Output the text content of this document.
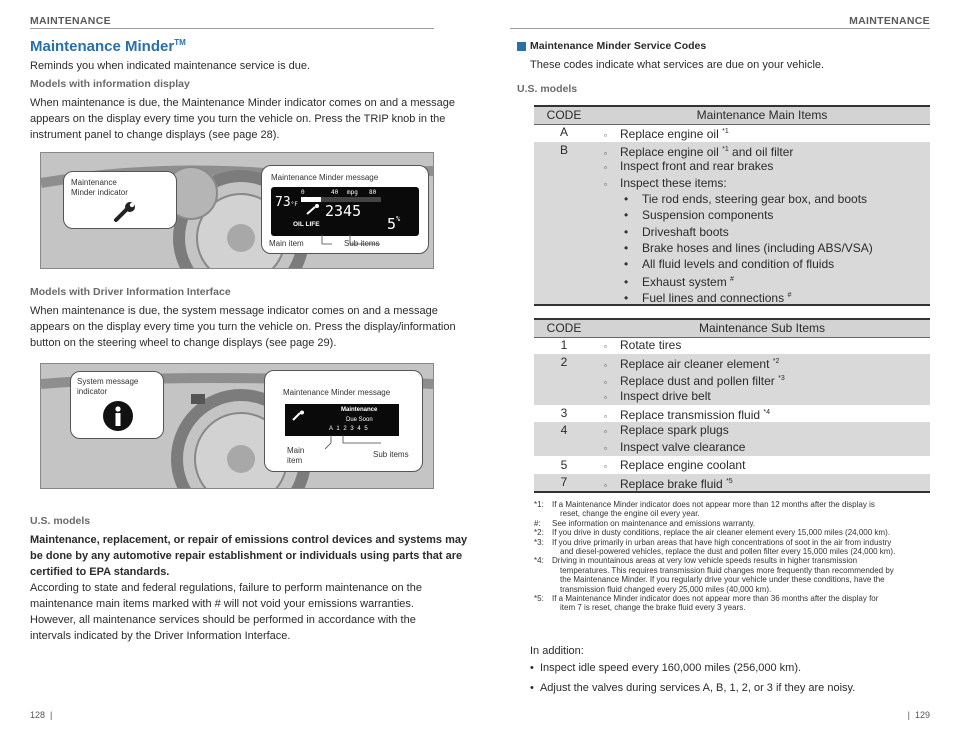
MAINTENANCE	MAINTENANCE
Maintenance Minder™
Reminds you when indicated maintenance service is due.
Models with information display
When maintenance is due, the Maintenance Minder indicator comes on and a message
appears on the display every time you turn the vehicle on. Press the TRIP knob in the
instrument panel to change displays (see page 28).
Maintenance
Minder indicator
Maintenance Minder message
73°F
0	40 mpg 80
2345
OIL LIFE	5%
Main item	Sub items
Models with Driver Information Interface
When maintenance is due, the system message indicator comes on and a message
appears on the display every time you turn the vehicle on. Press the display/information
button on the steering wheel to change displays (see page 29).
System message
indicator	Maintenance Minder message
Maintenance
Due Soon
A 1 2 3 4 5
Main
item
Sub items
U.S. models
Maintenance, replacement, or repair of emissions control devices and systems may
be done by any automotive repair establishment or individuals using parts that are
certified to EPA standards.
According to state and federal regulations, failure to perform maintenance on the
maintenance main items marked with # will not void your emissions warranties.
However, all maintenance services should be performed in accordance with the
intervals indicated by the Driver Information Interface.
128  |
Maintenance Minder Service Codes
These codes indicate what services are due on your vehicle.
U.S. models
CODE	Maintenance Main Items
A	▫ Replace engine oil $^{*1}$
B	▫ Replace engine oil $^{*1}$ and oil filter
▫ Inspect front and rear brakes
▫ Inspect these items:
• Tie rod ends, steering gear box, and boots
• Suspension components
• Driveshaft boots
• Brake hoses and lines (including ABS/VSA)
• All fluid levels and condition of fluids
• Exhaust system #
• Fuel lines and connections #
CODE	Maintenance Sub Items
1	▫ Rotate tires
2	▫ Replace air cleaner element $^{*2}$
▫ Replace dust and pollen filter $^{*3}$
▫ Inspect drive belt
3	▫ Replace transmission fluid $^{*4}$
4	▫ Replace spark plugs
▫ Inspect valve clearance
5	▫ Replace engine coolant
7	▫ Replace brake fluid $^{*5}$
*1:	If a Maintenance Minder indicator does not appear more than 12 months after the display is
reset, change the engine oil every year.
#:	See information on maintenance and emissions warranty.
*2:	If you drive in dusty conditions, replace the air cleaner element every 15,000 miles (24,000 km).
*3:	If you drive primarily in urban areas that have high concentrations of soot in the air from industry
and diesel-powered vehicles, replace the dust and pollen filter every 15,000 miles (24,000 km).
*4:	Driving in mountainous areas at very low vehicle speeds results in higher transmission
temperatures. This requires transmission fluid changes more frequently than recommended by
the Maintenance Minder. If you regularly drive your vehicle under these conditions, have the
transmission fluid changed every 25,000 miles (40,000 km).
*5:	If a Maintenance Minder indicator does not appear more than 36 months after the display for
item 7 is reset, change the brake fluid every 3 years.
In addition:
•  Inspect idle speed every 160,000 miles (256,000 km).
•  Adjust the valves during services A, B, 1, 2, or 3 if they are noisy.
|  129
